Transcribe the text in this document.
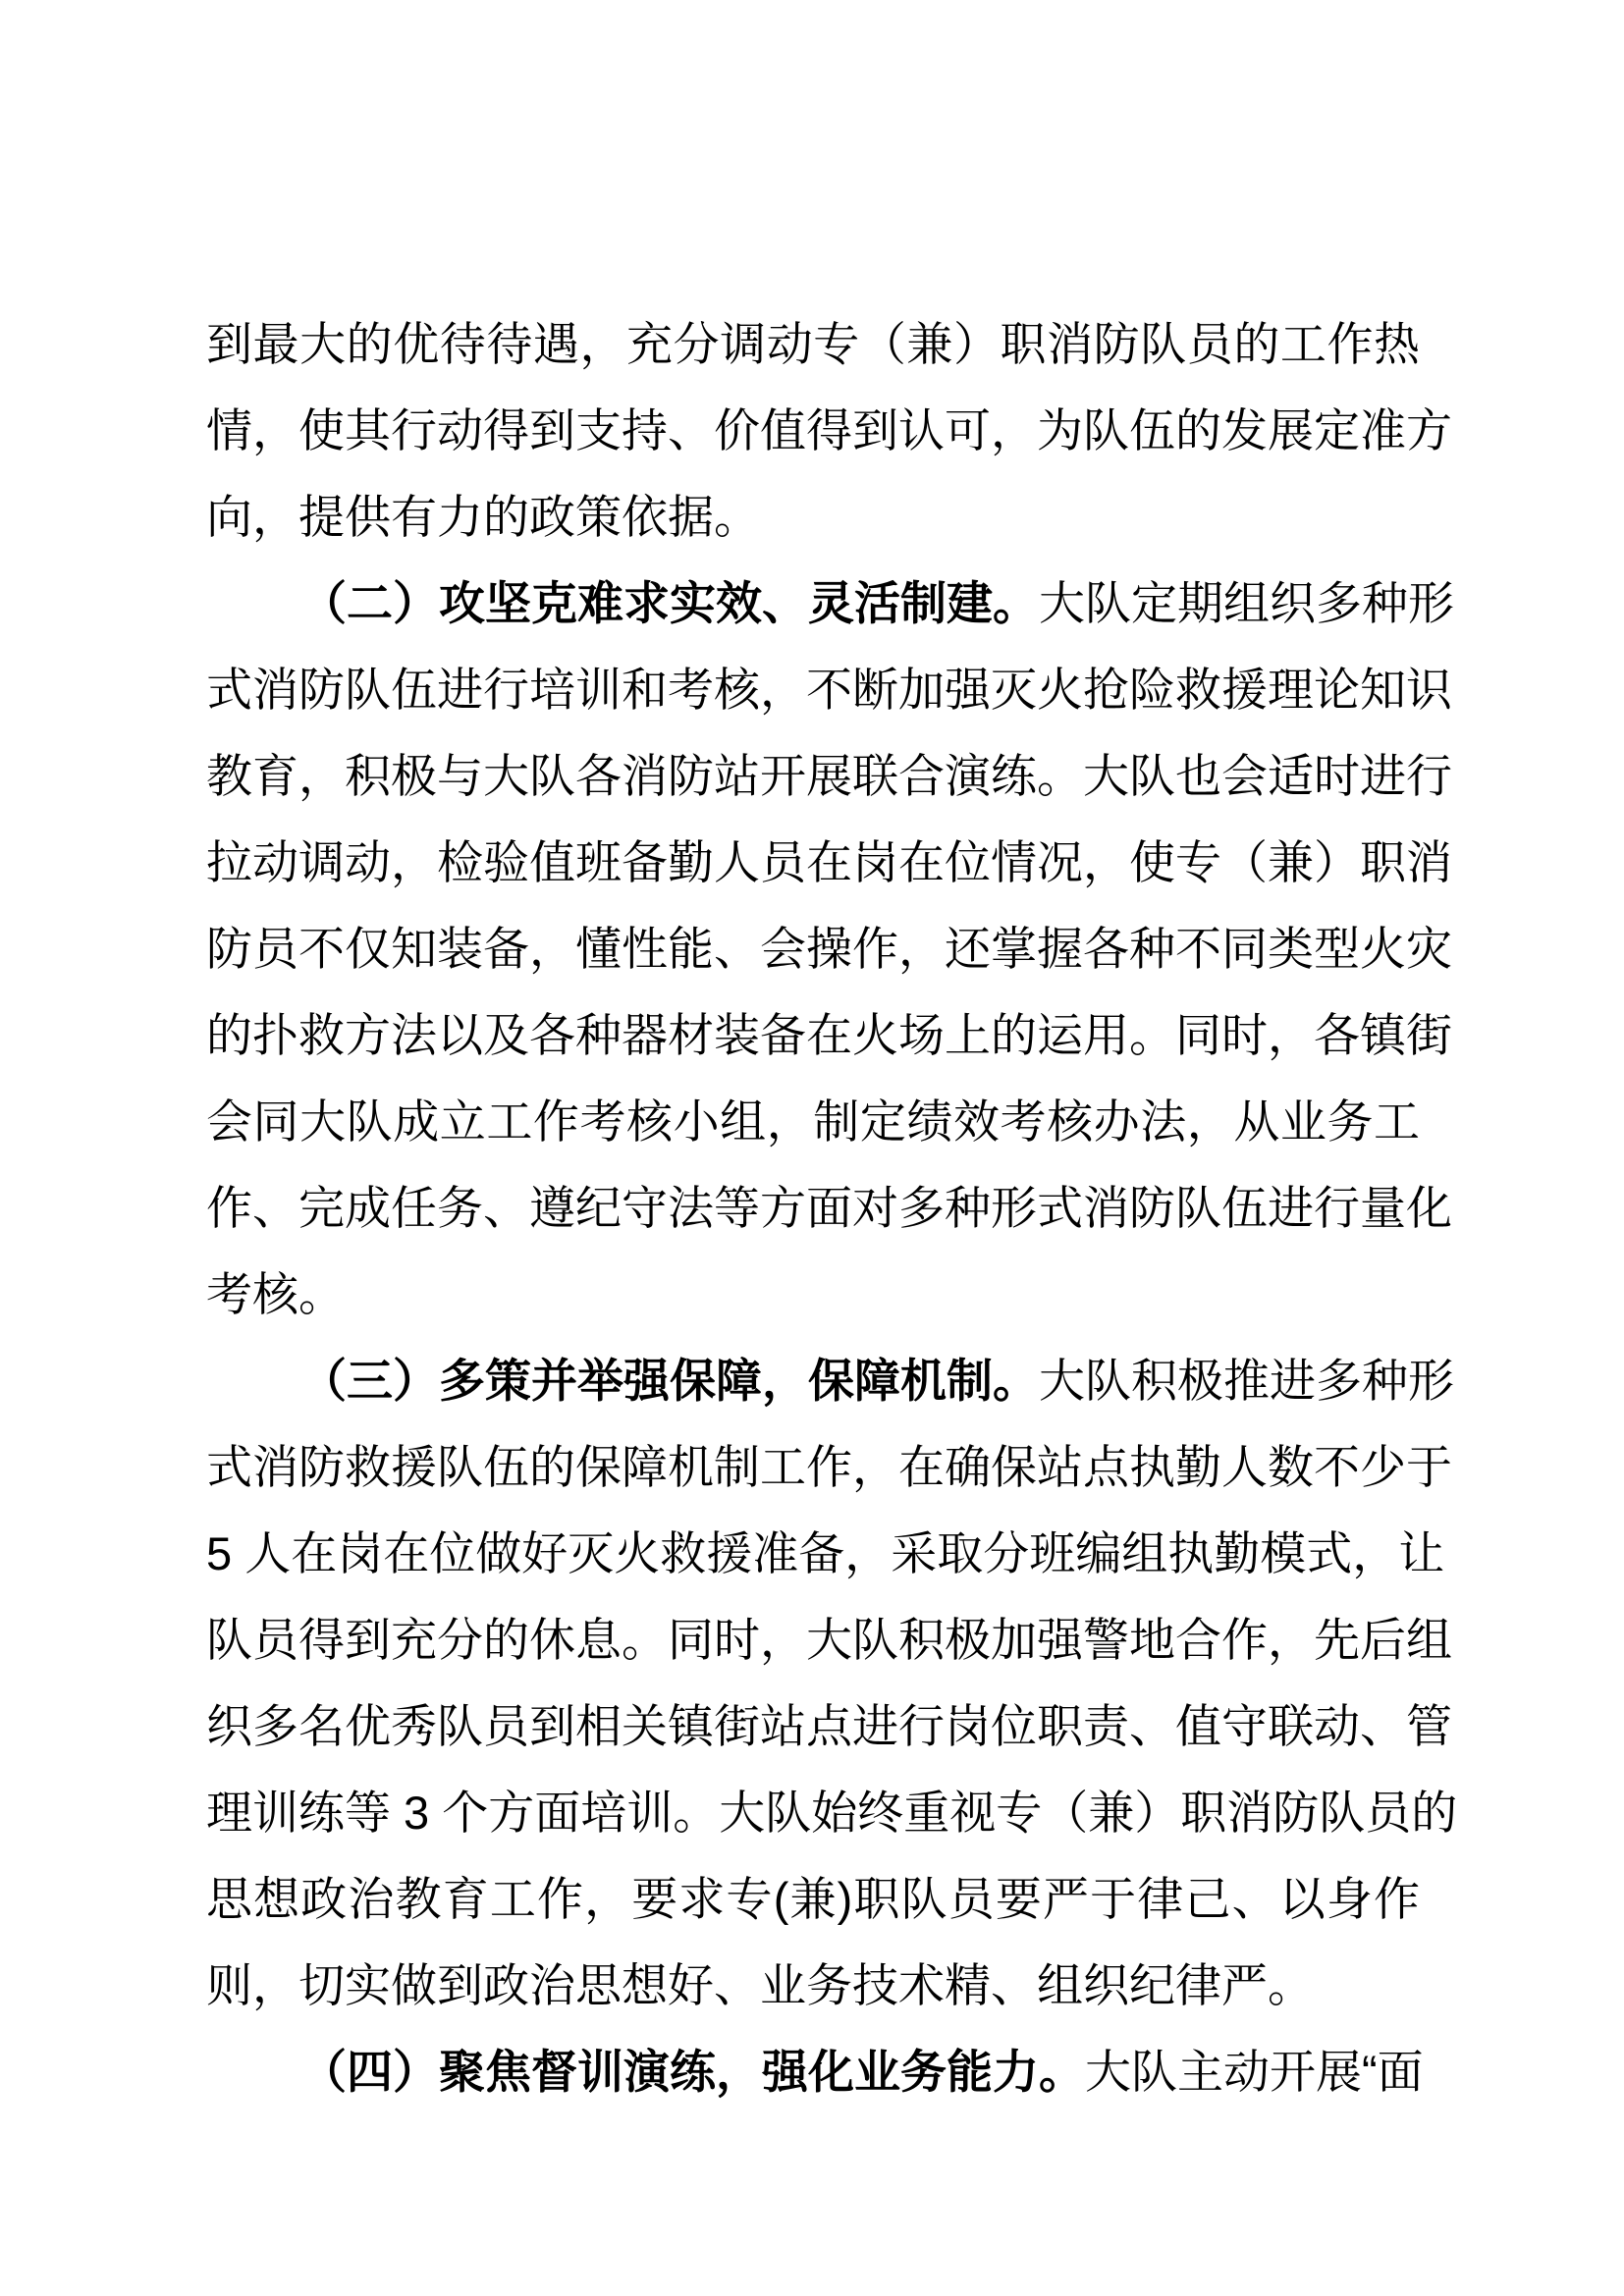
到最大的优待待遇，充分调动专（兼）职消防队员的工作热
情，使其行动得到支持、价值得到认可，为队伍的发展定准方
向，提供有力的政策依据。
（二）攻坚克难求实效、灵活制建。大队定期组织多种形
式消防队伍进行培训和考核，不断加强灭火抢险救援理论知识
教育，积极与大队各消防站开展联合演练。大队也会适时进行
拉动调动，检验值班备勤人员在岗在位情况，使专（兼）职消
防员不仅知装备，懂性能、会操作，还掌握各种不同类型火灾
的扑救方法以及各种器材装备在火场上的运用。同时，各镇街
会同大队成立工作考核小组，制定绩效考核办法，从业务工
作、完成任务、遵纪守法等方面对多种形式消防队伍进行量化
考核。
（三）多策并举强保障，保障机制。大队积极推进多种形
式消防救援队伍的保障机制工作，在确保站点执勤人数不少于
5 人在岗在位做好灭火救援准备，采取分班编组执勤模式，让
队员得到充分的休息。同时，大队积极加强警地合作，先后组
织多名优秀队员到相关镇街站点进行岗位职责、值守联动、管
理训练等 3 个方面培训。大队始终重视专（兼）职消防队员的
思想政治教育工作，要求专(兼)职队员要严于律己、以身作
则，切实做到政治思想好、业务技术精、组织纪律严。
（四）聚焦督训演练，强化业务能力。大队主动开展“面
